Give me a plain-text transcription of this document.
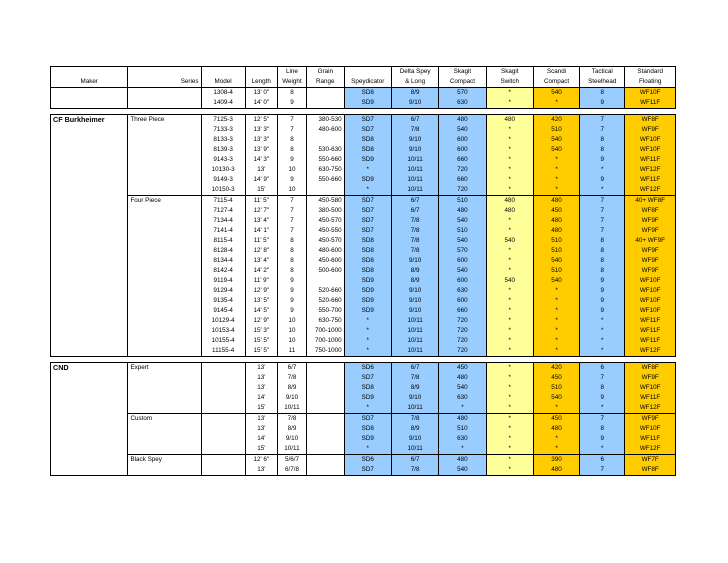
				Line	Grain		Delta Spey	Skagit	Skagit	Scandi	Tactical	Standard
Maker	Series	Model	Length	Weight	Range	Speydicator	& Long	Compact	Switch	Compact	Steelhead	Floating
		1308-4	13' 0"	8		SD8	8/9	570	*	540	8	WF10F
		1409-4	14' 0"	9		SD9	9/10	630	*	*	9	WF11F

CF Burkheimer	Three Piece	7125-3	12' 5"	7	380-530	SD7	6/7	480	480	420	7	WF8F
		7133-3	13' 3"	7	480-600	SD7	7/8	540	*	510	7	WF9F
		8133-3	13' 3"	8		SD8	9/10	600	*	540	8	WF10F
		8139-3	13' 9"	8	530-630	SD8	9/10	600	*	540	8	WF10F
		9143-3	14' 3"	9	550-660	SD9	10/11	660	*	*	9	WF11F
		10130-3	13'	10	630-750	*	10/11	720	*	*	*	WF12F
		9149-3	14' 9"	9	550-660	SD9	10/11	660	*	*	9	WF11F
		10150-3	15'	10		*	10/11	720	*	*	*	WF12F
	Four Piece	7115-4	11' 5"	7	450-580	SD7	6/7	510	480	480	7	40+ WF8F
		7127-4	12' 7"	7	380-500	SD7	6/7	480	480	450	7	WF8F
		7134-4	13' 4"	7	450-570	SD7	7/8	540	*	480	7	WF9F
		7141-4	14' 1"	7	450-550	SD7	7/8	510	*	480	7	WF9F
		8115-4	11' 5"	8	450-570	SD8	7/8	540	540	510	8	40+ WF9F
		8128-4	12' 8"	8	480-600	SD8	7/8	570	*	510	8	WF9F
		8134-4	13' 4"	8	450-600	SD8	9/10	600	*	540	8	WF9F
		8142-4	14' 2"	8	500-600	SD8	8/9	540	*	510	8	WF9F
		9119-4	11' 9"	9		SD9	8/9	600	540	540	9	WF10F
		9129-4	12' 9"	9	520-660	SD9	9/10	630	*	*	9	WF10F
		9135-4	13' 5"	9	520-660	SD9	9/10	600	*	*	9	WF10F
		9145-4	14' 5"	9	550-700	SD9	9/10	660	*	*	9	WF10F
		10129-4	12' 9"	10	630-750	*	10/11	720	*	*	*	WF11F
		10153-4	15' 3"	10	700-1000	*	10/11	720	*	*	*	WF11F
		10155-4	15' 5"	10	700-1000	*	10/11	720	*	*	*	WF11F
		11155-4	15' 5"	11	750-1000	*	10/11	720	*	*	*	WF12F

CND	Expert		13'	6/7		SD6	6/7	450	*	420	6	WF8F
			13'	7/8		SD7	7/8	480	*	450	7	WF9F
			13'	8/9		SD8	8/9	540	*	510	8	WF10F
			14'	9/10		SD9	9/10	630	*	540	9	WF11F
			15'	10/11		*	10/11	*	*	*	*	WF12F
	Custom		13'	7/8		SD7	7/8	480	*	450	7	WF9F
			13'	8/9		SD8	8/9	510	*	480	8	WF10F
			14'	9/10		SD9	9/10	630	*	*	9	WF11F
			15'	10/11		*	10/11	*	*	*	*	WF12F
	Black Spey		12' 6"	5/6/7		SD6	6/7	480	*	390	6	WF7F
			13'	6/7/8		SD7	7/8	540	*	480	7	WF8F
